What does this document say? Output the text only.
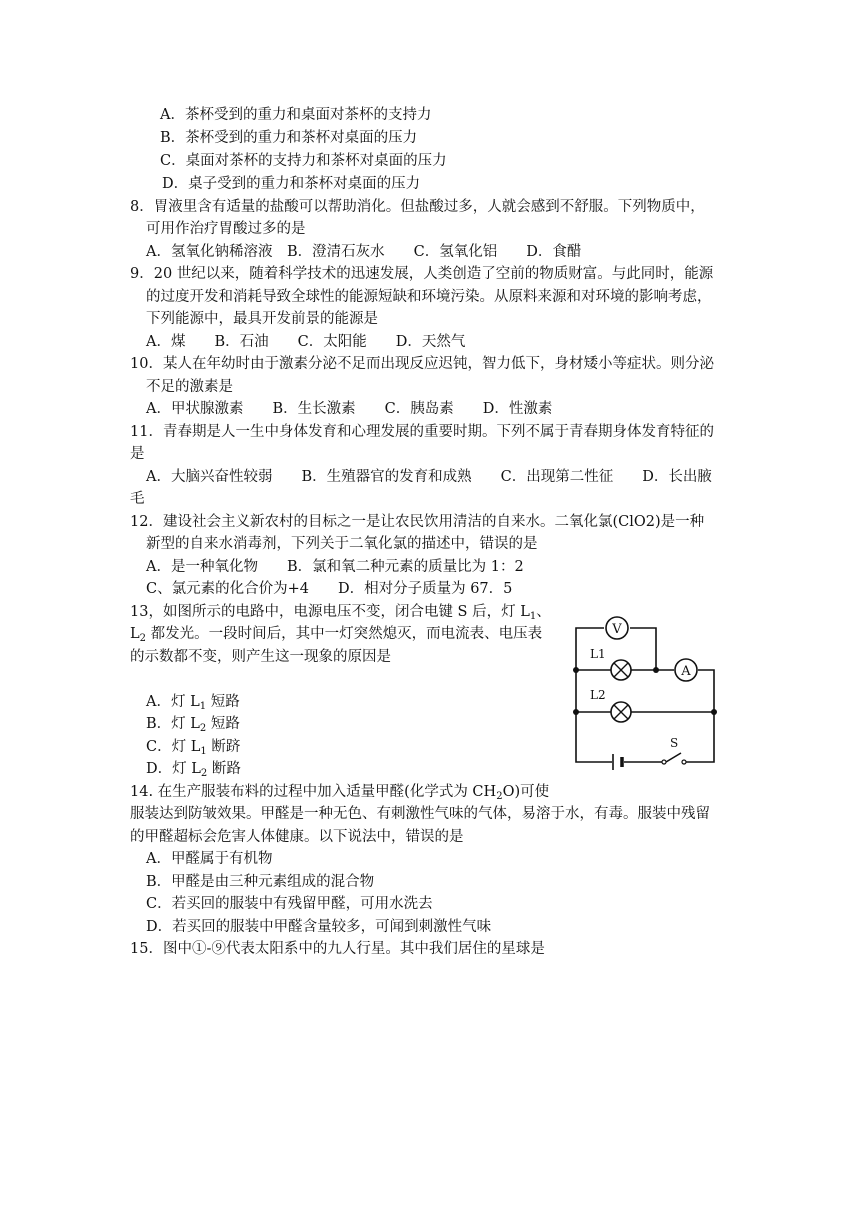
A．茶杯受到的重力和桌面对茶杯的支持力
B．茶杯受到的重力和茶杯对桌面的压力
C．桌面对茶杯的支持力和茶杯对桌面的压力
D．桌子受到的重力和茶杯对桌面的压力
8．胃液里含有适量的盐酸可以帮助消化。但盐酸过多，人就会感到不舒服。下列物质中，
可用作治疗胃酸过多的是
A．氢氧化钠稀溶液　B．澄清石灰水　　C．氢氧化铝　　D．食醋
9．20 世纪以来，随着科学技术的迅速发展，人类创造了空前的物质财富。与此同时，能源
的过度开发和消耗导致全球性的能源短缺和环境污染。从原料来源和对环境的影响考虑，
下列能源中，最具开发前景的能源是
A．煤　　B．石油　　C．太阳能　　D．天然气
10．某人在年幼时由于激素分泌不足而出现反应迟钝，智力低下，身材矮小等症状。则分泌
不足的激素是
A．甲状腺激素　　B．生长激素　　C．胰岛素　　D．性激素
11．青春期是人一生中身体发育和心理发展的重要时期。下列不属于青春期身体发育特征的
是
A．大脑兴奋性较弱　　B．生殖器官的发育和成熟　　C．出现第二性征　　D．长出腋
毛
12．建设社会主义新农村的目标之一是让农民饮用清洁的自来水。二氧化氯(ClO2)是一种
新型的自来水消毒剂，下列关于二氧化氯的描述中，错误的是
A．是一种氧化物　　B．氯和氧二种元素的质量比为 1：2
C、氯元素的化合价为+4　　D．相对分子质量为 67．5
13，如图所示的电路中，电源电压不变，闭合电键 S 后，灯 $L_1$、
$L_2$ 都发光。一段时间后，其中一灯突然熄灭，而电流表、电压表
的示数都不变，则产生这一现象的原因是
A．灯 $L_1$ 短路
B．灯 $L_2$ 短路
C．灯 $L_1$ 断跻
D．灯 $L_2$ 断路
V
L1
A
L2
S
14. 在生产服装布料的过程中加入适量甲醛(化学式为 $CH_2O$)可使
服装达到防皱效果。甲醛是一种无色、有刺激性气味的气体，易溶于水，有毒。服装中残留
的甲醛超标会危害人体健康。以下说法中，错误的是
A．甲醛属于有机物
B．甲醛是由三种元素组成的混合物
C．若买回的服装中有残留甲醛，可用水洗去
D．若买回的服装中甲醛含量较多，可闻到刺激性气味
15．图中①-⑨代表太阳系中的九人行星。其中我们居住的星球是
